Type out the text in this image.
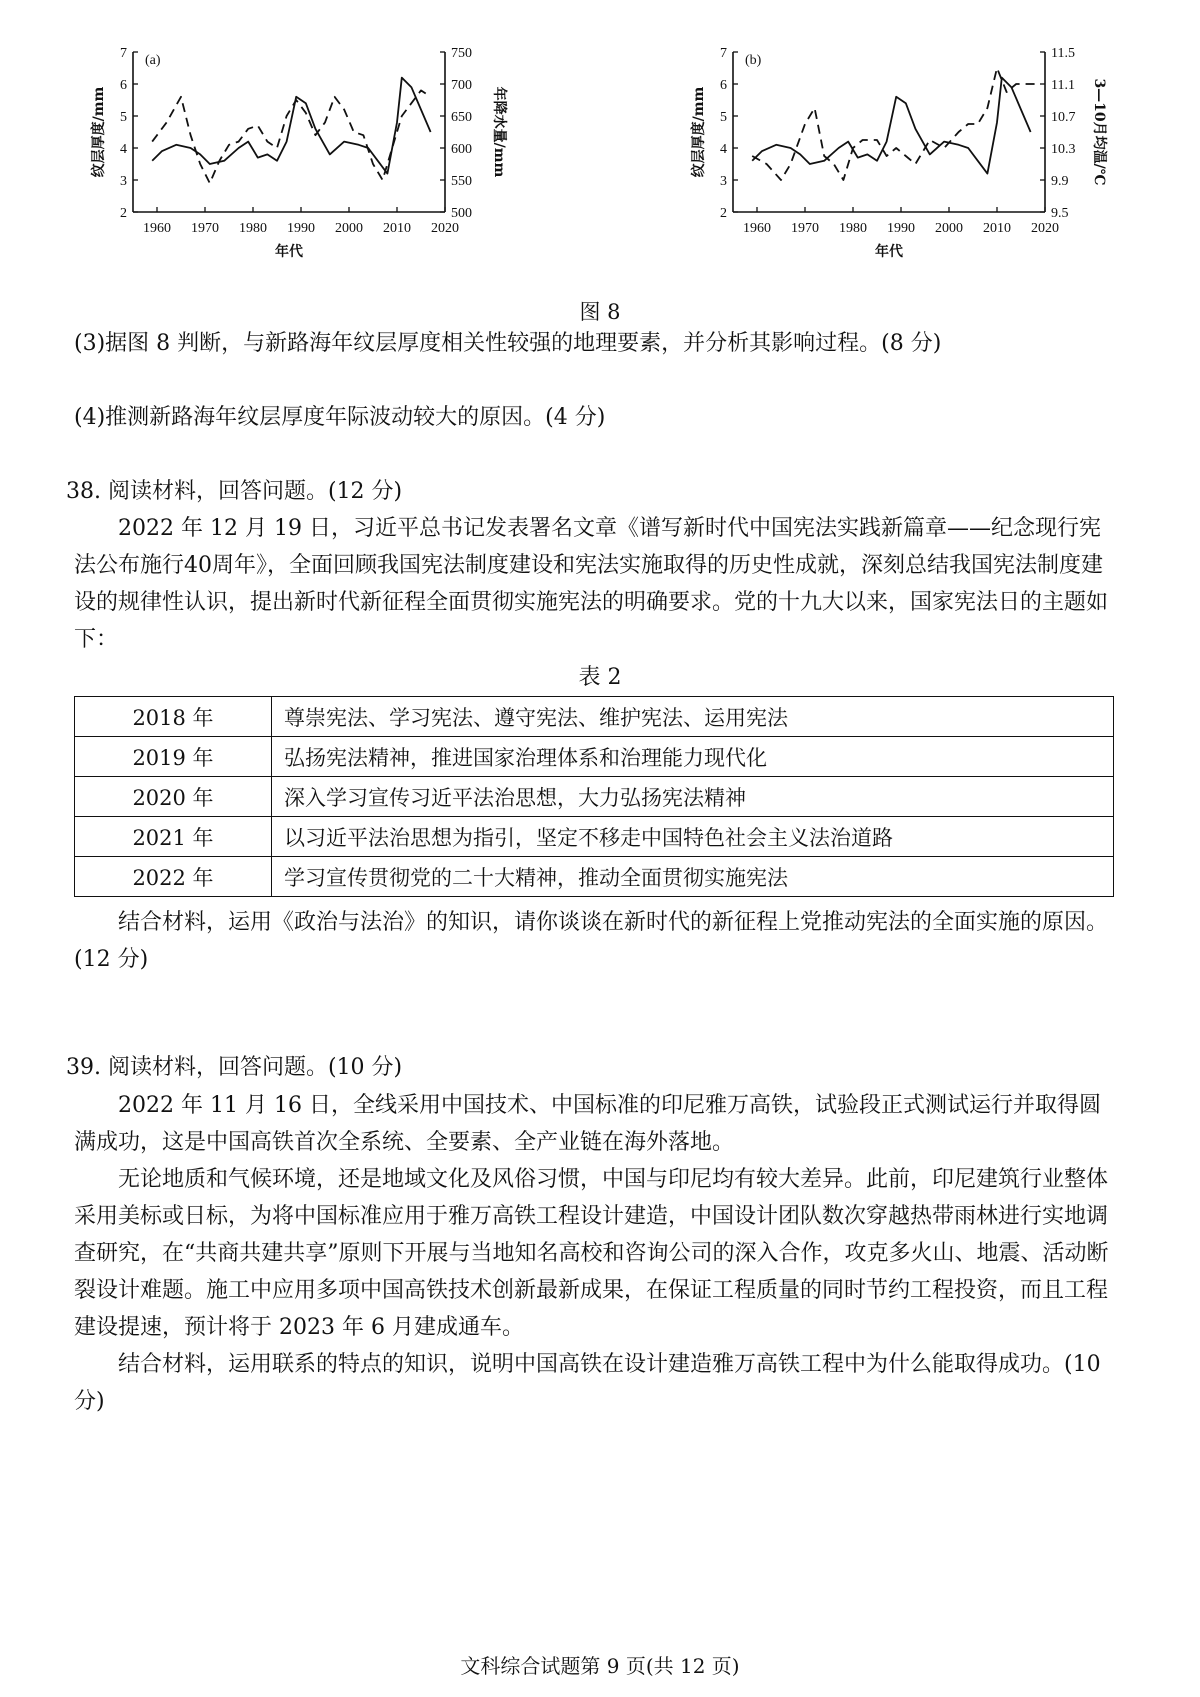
1960 1970 1980 1990 2000 2010 2020
2
3
4
5
6
7
500
550
600
650
700
750
(a)
年代
纹层厚度/mm	年降水量/mm
1960 1970 1980 1990 2000 2010 2020
2
3
4
5
6
7
9.5
9.9
10.3
10.7
11.1
11.5
(b)
年代
纹层厚度/mm	3—10月均温/℃
图 8
(3)据图 8 判断，与新路海年纹层厚度相关性较强的地理要素，并分析其影响过程。(8 分)
(4)推测新路海年纹层厚度年际波动较大的原因。(4 分)
38. 阅读材料，回答问题。(12 分)
2022 年 12 月 19 日，习近平总书记发表署名文章《谱写新时代中国宪法实践新篇章——纪念现行宪法公布施行40周年》，全面回顾我国宪法制度建设和宪法实施取得的历史性成就，深刻总结我国宪法制度建设的规律性认识，提出新时代新征程全面贯彻实施宪法的明确要求。党的十九大以来，国家宪法日的主题如下：
表 2
2018 年	尊崇宪法、学习宪法、遵守宪法、维护宪法、运用宪法
2019 年	弘扬宪法精神，推进国家治理体系和治理能力现代化
2020 年	深入学习宣传习近平法治思想，大力弘扬宪法精神
2021 年	以习近平法治思想为指引，坚定不移走中国特色社会主义法治道路
2022 年	学习宣传贯彻党的二十大精神，推动全面贯彻实施宪法
结合材料，运用《政治与法治》的知识，请你谈谈在新时代的新征程上党推动宪法的全面实施的原因。(12 分)
39. 阅读材料，回答问题。(10 分)
2022 年 11 月 16 日，全线采用中国技术、中国标准的印尼雅万高铁，试验段正式测试运行并取得圆满成功，这是中国高铁首次全系统、全要素、全产业链在海外落地。
无论地质和气候环境，还是地域文化及风俗习惯，中国与印尼均有较大差异。此前，印尼建筑行业整体采用美标或日标，为将中国标准应用于雅万高铁工程设计建造，中国设计团队数次穿越热带雨林进行实地调查研究，在“共商共建共享”原则下开展与当地知名高校和咨询公司的深入合作，攻克多火山、地震、活动断裂设计难题。施工中应用多项中国高铁技术创新最新成果，在保证工程质量的同时节约工程投资，而且工程建设提速，预计将于 2023 年 6 月建成通车。
结合材料，运用联系的特点的知识，说明中国高铁在设计建造雅万高铁工程中为什么能取得成功。(10 分)
文科综合试题第 9 页(共 12 页)
